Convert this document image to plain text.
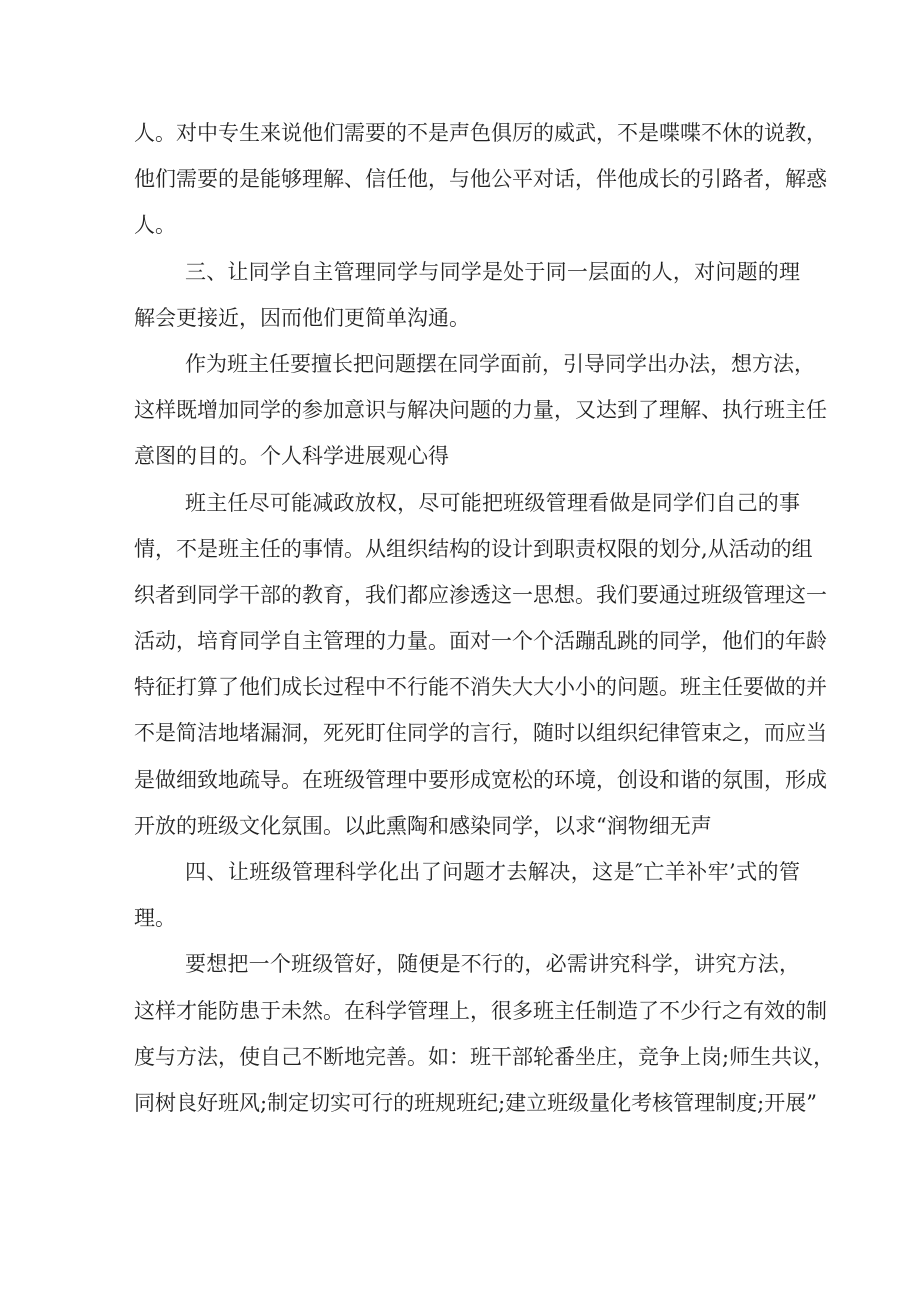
人。对中专生来说他们需要的不是声色俱厉的威武，不是喋喋不休的说教，
他们需要的是能够理解、信任他，与他公平对话，伴他成长的引路者，解惑
人。
三、让同学自主管理同学与同学是处于同一层面的人，对问题的理
解会更接近，因而他们更简单沟通。
作为班主任要擅长把问题摆在同学面前，引导同学出办法，想方法，
这样既增加同学的参加意识与解决问题的力量，又达到了理解、执行班主任
意图的目的。个人科学进展观心得
班主任尽可能减政放权，尽可能把班级管理看做是同学们自己的事
情，不是班主任的事情。从组织结构的设计到职责权限的划分,从活动的组
织者到同学干部的教育，我们都应渗透这一思想。我们要通过班级管理这一
活动，培育同学自主管理的力量。面对一个个活蹦乱跳的同学，他们的年龄
特征打算了他们成长过程中不行能不消失大大小小的问题。班主任要做的并
不是简洁地堵漏洞，死死盯住同学的言行，随时以组织纪律管束之，而应当
是做细致地疏导。在班级管理中要形成宽松的环境，创设和谐的氛围，形成
开放的班级文化氛围。以此熏陶和感染同学，以求“润物细无声
四、让班级管理科学化出了问题才去解决，这是″亡羊补牢’式的管
理。
要想把一个班级管好，随便是不行的，必需讲究科学，讲究方法，
这样才能防患于未然。在科学管理上，很多班主任制造了不少行之有效的制
度与方法，使自己不断地完善。如：班干部轮番坐庄，竞争上岗;师生共议，
同树良好班风;制定切实可行的班规班纪;建立班级量化考核管理制度;开展”
